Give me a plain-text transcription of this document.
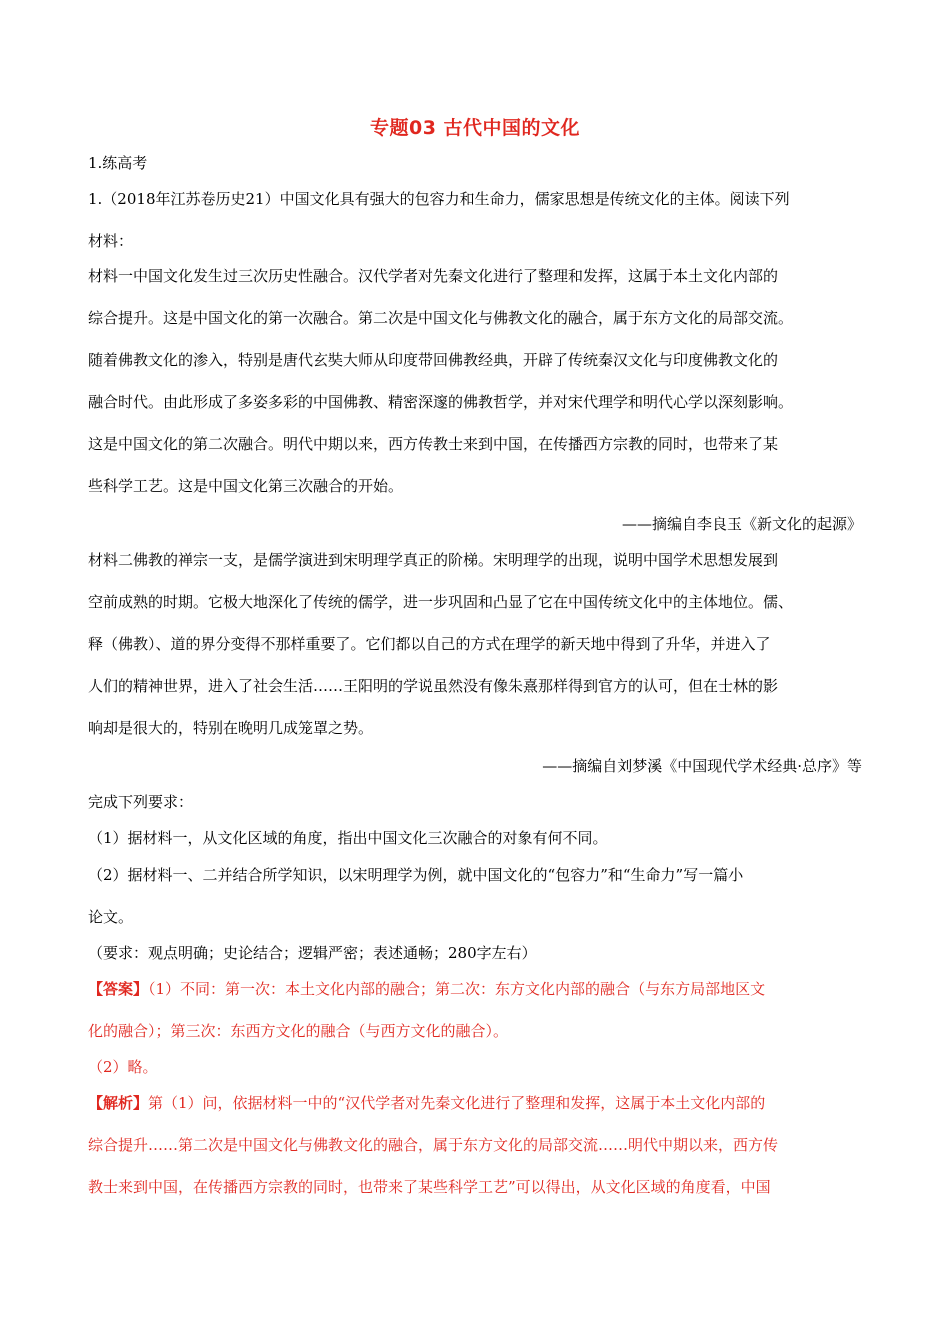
专题03 古代中国的文化
1.练高考
1.（2018年江苏卷历史21）中国文化具有强大的包容力和生命力，儒家思想是传统文化的主体。阅读下列
材料：
材料一中国文化发生过三次历史性融合。汉代学者对先秦文化进行了整理和发挥，这属于本土文化内部的
综合提升。这是中国文化的第一次融合。第二次是中国文化与佛教文化的融合，属于东方文化的局部交流。
随着佛教文化的渗入，特别是唐代玄奘大师从印度带回佛教经典，开辟了传统秦汉文化与印度佛教文化的
融合时代。由此形成了多姿多彩的中国佛教、精密深邃的佛教哲学，并对宋代理学和明代心学以深刻影响。
这是中国文化的第二次融合。明代中期以来，西方传教士来到中国，在传播西方宗教的同时，也带来了某
些科学工艺。这是中国文化第三次融合的开始。
——摘编自李良玉《新文化的起源》
材料二佛教的禅宗一支，是儒学演进到宋明理学真正的阶梯。宋明理学的出现，说明中国学术思想发展到
空前成熟的时期。它极大地深化了传统的儒学，进一步巩固和凸显了它在中国传统文化中的主体地位。儒、
释（佛教）、道的界分变得不那样重要了。它们都以自己的方式在理学的新天地中得到了升华，并进入了
人们的精神世界，进入了社会生活……王阳明的学说虽然没有像朱熹那样得到官方的认可，但在士林的影
响却是很大的，特别在晚明几成笼罩之势。
——摘编自刘梦溪《中国现代学术经典·总序》等
完成下列要求：
（1）据材料一，从文化区域的角度，指出中国文化三次融合的对象有何不同。
（2）据材料一、二并结合所学知识，以宋明理学为例，就中国文化的“包容力”和“生命力”写一篇小
论文。
（要求：观点明确；史论结合；逻辑严密；表述通畅；280字左右）
【答案】（1）不同：第一次：本土文化内部的融合；第二次：东方文化内部的融合（与东方局部地区文
化的融合）；第三次：东西方文化的融合（与西方文化的融合）。
（2）略。
【解析】第（1）问，依据材料一中的“汉代学者对先秦文化进行了整理和发挥，这属于本土文化内部的
综合提升……第二次是中国文化与佛教文化的融合，属于东方文化的局部交流……明代中期以来，西方传
教士来到中国，在传播西方宗教的同时，也带来了某些科学工艺”可以得出，从文化区域的角度看，中国
